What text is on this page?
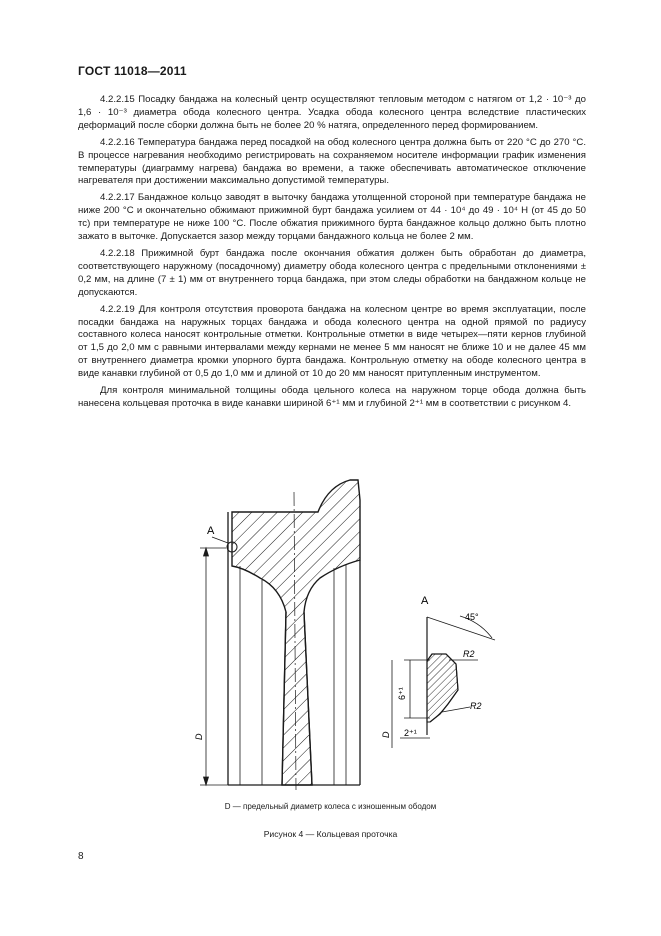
ГОСТ 11018—2011

4.2.2.15 Посадку бандажа на колесный центр осуществляют тепловым методом с натягом от 1,2 · 10⁻³ до 1,6 · 10⁻³ диаметра обода колесного центра. Усадка обода колесного центра вследствие пластических деформаций после сборки должна быть не более 20 % натяга, определенного перед формированием.

4.2.2.16 Температура бандажа перед посадкой на обод колесного центра должна быть от 220 °С до 270 °С. В процессе нагревания необходимо регистрировать на сохраняемом носителе информации график изменения температуры (диаграмму нагрева) бандажа во времени, а также обеспечивать автоматическое отключение нагревателя при достижении максимально допустимой температуры.

4.2.2.17 Бандажное кольцо заводят в выточку бандажа утолщенной стороной при температуре бандажа не ниже 200 °С и окончательно обжимают прижимной бурт бандажа усилием от 44 · 10⁴ до 49 · 10⁴ Н (от 45 до 50 тс) при температуре не ниже 100 °С. После обжатия прижимного бурта бандажное кольцо должно быть плотно зажато в выточке. Допускается зазор между торцами бандажного кольца не более 2 мм.

4.2.2.18 Прижимной бурт бандажа после окончания обжатия должен быть обработан до диаметра, соответствующего наружному (посадочному) диаметру обода колесного центра с предельными отклонениями ± 0,2 мм, на длине (7 ± 1) мм от внутреннего торца бандажа, при этом следы обработки на бандажном кольце не допускаются.

4.2.2.19 Для контроля отсутствия проворота бандажа на колесном центре во время эксплуатации, после посадки бандажа на наружных торцах бандажа и обода колесного центра на одной прямой по радиусу составного колеса наносят контрольные отметки. Контрольные отметки в виде четырех—пяти кернов глубиной от 1,5 до 2,0 мм с равными интервалами между кернами не менее 5 мм наносят не ближе 10 и не далее 45 мм от внутреннего диаметра кромки упорного бурта бандажа. Контрольную отметку на ободе колесного центра в виде канавки глубиной от 0,5 до 1,0 мм и длиной от 10 до 20 мм наносят притупленным инструментом.

Для контроля минимальной толщины обода цельного колеса на наружном торце обода должна быть нанесена кольцевая проточка в виде канавки шириной 6⁺¹ мм и глубиной 2⁺¹ мм в соответствии с рисунком 4.

D
А
А
45°
R2
R2
6⁺¹
2⁺¹
D
D — предельный диаметр колеса с изношенным ободом
Рисунок 4 — Кольцевая проточка
8
